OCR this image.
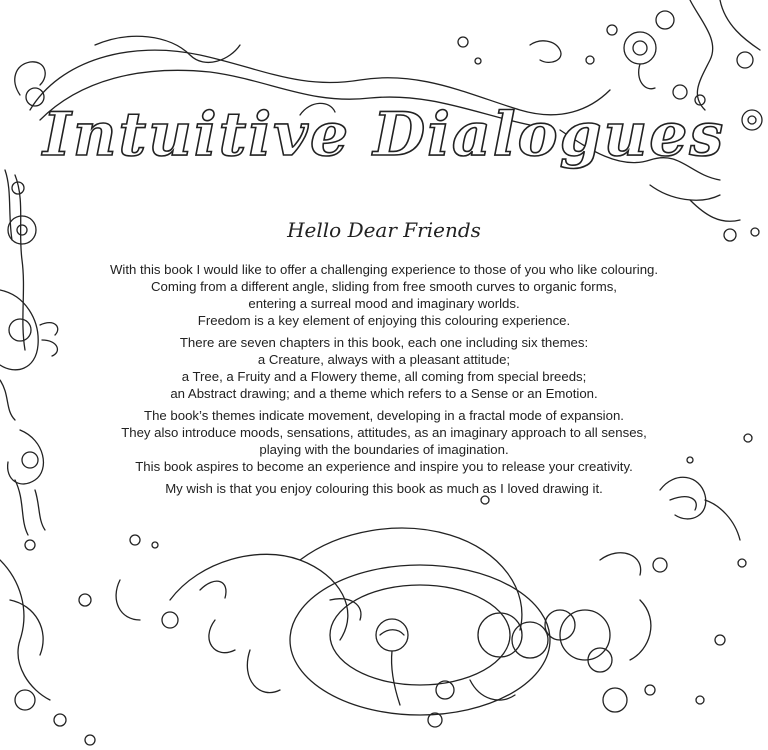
Intuitive Dialogues
Hello Dear Friends

With this book I would like to offer a challenging experience to those of you who like colouring.
Coming from a different angle, sliding from free smooth curves to organic forms,
entering a surreal mood and imaginary worlds.
Freedom is a key element of enjoying this colouring experience.

There are seven chapters in this book, each one including six themes:
a Creature, always with a pleasant attitude;
a Tree, a Fruity and a Flowery theme, all coming from special breeds;
an Abstract drawing; and a theme which refers to a Sense or an Emotion.

The book’s themes indicate movement, developing in a fractal mode of expansion.
They also introduce moods, sensations, attitudes, as an imaginary approach to all senses,
playing with the boundaries of imagination.
This book aspires to become an experience and inspire you to release your creativity.

My wish is that you enjoy colouring this book as much as I loved drawing it.
